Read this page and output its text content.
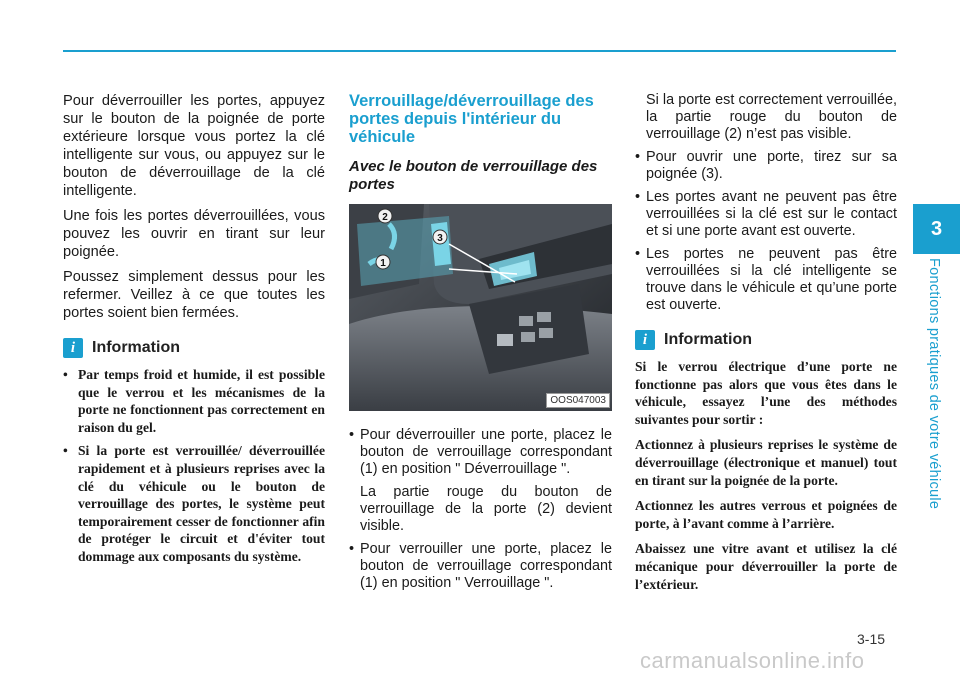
3
Fonctions pratiques de votre véhicule

Pour déverrouiller les portes, appuyez sur le bouton de la poignée de porte extérieure lorsque vous portez la clé intelligente sur vous, ou appuyez sur le bouton de déverrouillage de la clé intelligente.

Une fois les portes déverrouillées, vous pouvez les ouvrir en tirant sur leur poignée.

Poussez simplement dessus pour les refermer. Veillez à ce que toutes les portes soient bien fermées.

i	Information
• Par temps froid et humide, il est possible que le verrou et les mécanismes de la porte ne fonctionnent pas correctement en raison du gel.
• Si la porte est verrouillée/ déverrouillée rapidement et à plusieurs reprises avec la clé du véhicule ou le bouton de verrouillage des portes, le système peut temporairement cesser de fonctionner afin de protéger le circuit et d'éviter tout dommage aux composants du système.
Verrouillage/déverrouillage des portes depuis l'intérieur du véhicule
Avec le bouton de verrouillage des portes
2
1
3
OOS047003
• Pour déverrouiller une porte, placez le bouton de verrouillage correspondant (1) en position " Déverrouillage ".
La partie rouge du bouton de verrouillage de la porte (2) devient visible.
• Pour verrouiller une porte, placez le bouton de verrouillage correspondant (1) en position " Verrouillage ".
Si la porte est correctement verrouillée, la partie rouge du bouton de verrouillage (2) n’est pas visible.
• Pour ouvrir une porte, tirez sur sa poignée (3).
• Les portes avant ne peuvent pas être verrouillées si la clé est sur le contact et si une porte avant est ouverte.
• Les portes ne peuvent pas être verrouillées si la clé intelligente se trouve dans le véhicule et qu’une porte est ouverte.
i	Information

Si le verrou électrique d’une porte ne fonctionne pas alors que vous êtes dans le véhicule, essayez l’une des méthodes suivantes pour sortir :

Actionnez à plusieurs reprises le système de déverrouillage (électronique et manuel) tout en tirant sur la poignée de la porte.

Actionnez les autres verrous et poignées de porte, à l’avant comme à l’arrière.

Abaissez une vitre avant et utilisez la clé mécanique pour déverrouiller la porte de l’extérieur.

3-15
carmanualsonline.info
